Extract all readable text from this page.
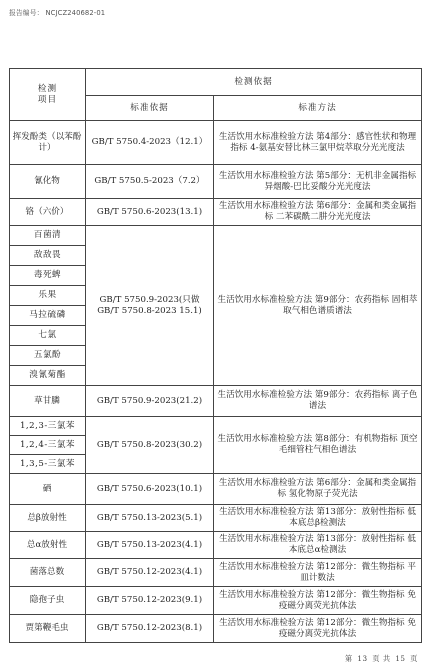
报告编号： NCJCZ240682-01
检测
项目	检测依据	
	标准依据	标准方法
挥发酚类（以苯酚计）	GB/T 5750.4-2023（12.1）	生活饮用水标准检验方法 第4部分：感官性状和物理指标 4-氨基安替比林三氯甲烷萃取分光光度法
氰化物	GB/T 5750.5-2023（7.2）	生活饮用水标准检验方法 第5部分：无机非金属指标 异烟酸-巴比妥酸分光光度法
铬（六价）	GB/T 5750.6-2023(13.1)	生活饮用水标准检验方法 第6部分：金属和类金属指标 二苯碳酰二肼分光光度法
百菌清	GB/T 5750.9-2023(只做
GB/T 5750.8-2023 15.1)	生活饮用水标准检验方法 第9部分：农药指标 固相萃取气相色谱质谱法
敌敌畏		
毒死蜱		
乐果		
马拉硫磷		
七氯		
五氯酚		
溴氰菊酯		
草甘膦	GB/T 5750.9-2023(21.2)	生活饮用水标准检验方法 第9部分：农药指标 离子色谱法
1,2,3-三氯苯	GB/T 5750.8-2023(30.2)	生活饮用水标准检验方法 第8部分：有机物指标 顶空毛细管柱气相色谱法
1,2,4-三氯苯		
1,3,5-三氯苯		
硒	GB/T 5750.6-2023(10.1)	生活饮用水标准检验方法 第6部分：金属和类金属指标 氢化物原子荧光法
总β放射性	GB/T 5750.13-2023(5.1)	生活饮用水标准检验方法 第13部分：放射性指标 低本底总β检测法
总α放射性	GB/T 5750.13-2023(4.1)	生活饮用水标准检验方法 第13部分：放射性指标 低本底总α检测法
菌落总数	GB/T 5750.12-2023(4.1)	生活饮用水标准检验方法 第12部分：微生物指标 平皿计数法
隐孢子虫	GB/T 5750.12-2023(9.1)	生活饮用水标准检验方法 第12部分：微生物指标 免疫磁分离荧光抗体法
贾第鞭毛虫	GB/T 5750.12-2023(8.1)	生活饮用水标准检验方法 第12部分：微生物指标 免疫磁分离荧光抗体法
第 13 页 共 15 页
